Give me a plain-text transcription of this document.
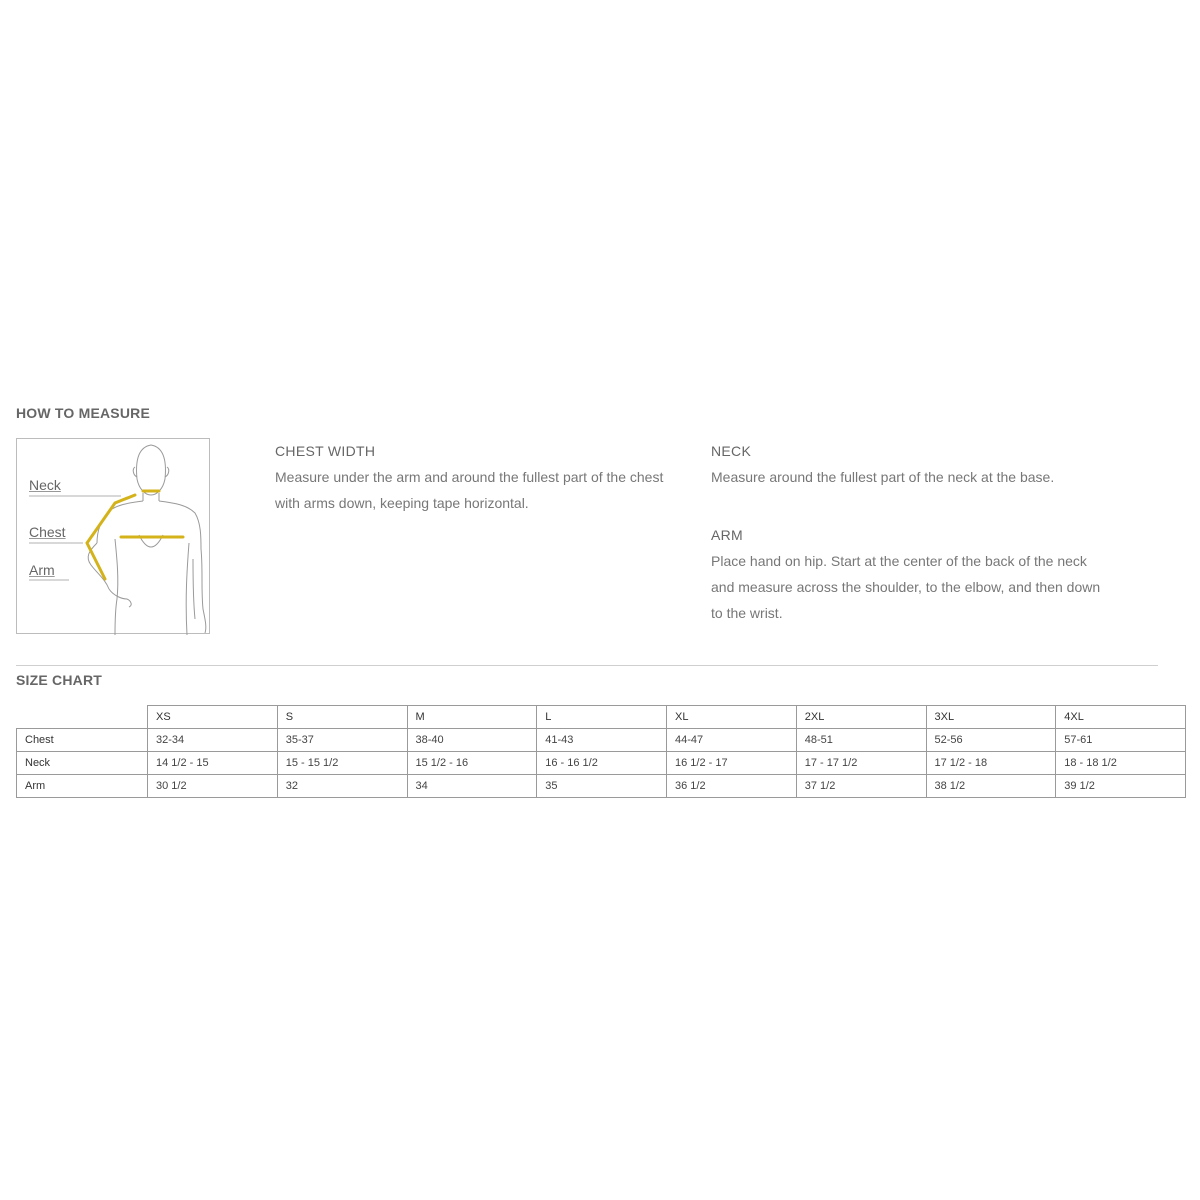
HOW TO MEASURE
Neck
Chest
Arm
CHEST WIDTH
Measure under the arm and around the fullest part of the chest
with arms down, keeping tape horizontal.
NECK
Measure around the fullest part of the neck at the base.
ARM
Place hand on hip. Start at the center of the back of the neck
and measure across the shoulder, to the elbow, and then down
to the wrist.
SIZE CHART
	XS	S	M	L	XL	2XL	3XL	4XL
Chest	32-34	35-37	38-40	41-43	44-47	48-51	52-56	57-61
Neck	14 1/2 - 15	15 - 15 1/2	15 1/2 - 16	16 - 16 1/2	16 1/2 - 17	17 - 17 1/2	17 1/2 - 18	18 - 18 1/2
Arm	30 1/2	32	34	35	36 1/2	37 1/2	38 1/2	39 1/2
